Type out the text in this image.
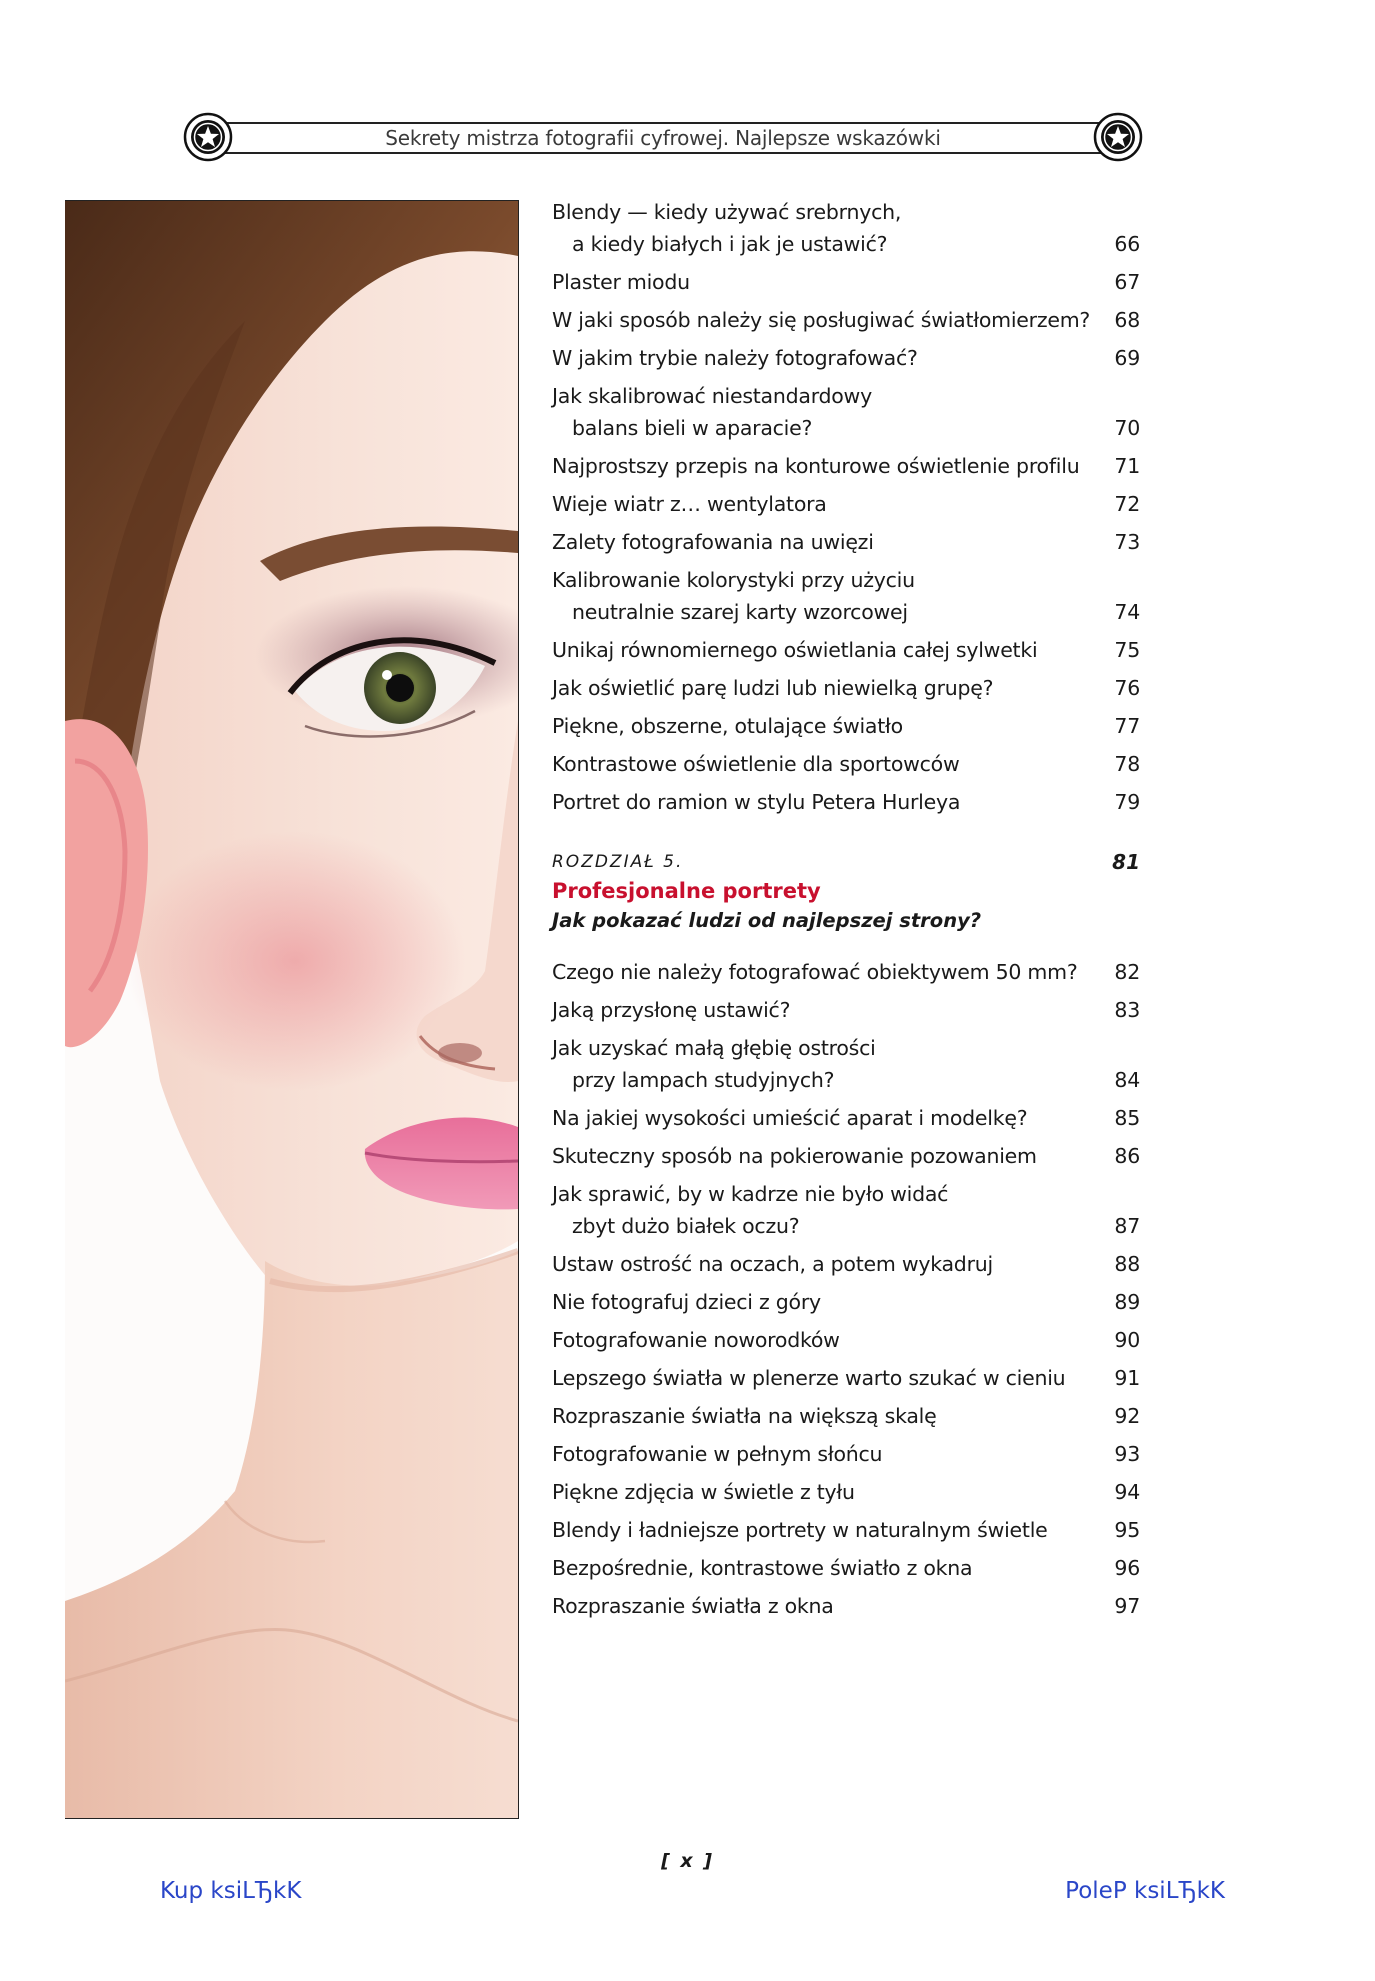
Sekrety mistrza fotografii cyfrowej. Najlepsze wskazówki
Blendy — kiedy używać srebrnych,
a kiedy białych i jak je ustawić?	66
Plaster miodu	67
W jaki sposób należy się posługiwać światłomierzem?	68
W jakim trybie należy fotografować?	69
Jak skalibrować niestandardowy
balans bieli w aparacie?	70
Najprostszy przepis na konturowe oświetlenie profilu	71
Wieje wiatr z… wentylatora	72
Zalety fotografowania na uwięzi	73
Kalibrowanie kolorystyki przy użyciu
neutralnie szarej karty wzorcowej	74
Unikaj równomiernego oświetlania całej sylwetki	75
Jak oświetlić parę ludzi lub niewielką grupę?	76
Piękne, obszerne, otulające światło	77
Kontrastowe oświetlenie dla sportowców	78
Portret do ramion w stylu Petera Hurleya	79
ROZDZIAŁ 5.	81
Profesjonalne portrety
Jak pokazać ludzi od najlepszej strony?
Czego nie należy fotografować obiektywem 50 mm?	82
Jaką przysłonę ustawić?	83
Jak uzyskać małą głębię ostrości
przy lampach studyjnych?	84
Na jakiej wysokości umieścić aparat i modelkę?	85
Skuteczny sposób na pokierowanie pozowaniem	86
Jak sprawić, by w kadrze nie było widać
zbyt dużo białek oczu?	87
Ustaw ostrość na oczach, a potem wykadruj	88
Nie fotografuj dzieci z góry	89
Fotografowanie noworodków	90
Lepszego światła w plenerze warto szukać w cieniu	91
Rozpraszanie światła na większą skalę	92
Fotografowanie w pełnym słońcu	93
Piękne zdjęcia w świetle z tyłu	94
Blendy i ładniejsze portrety w naturalnym świetle	95
Bezpośrednie, kontrastowe światło z okna	96
Rozpraszanie światła z okna	97
[ x ]
Kup ksiLЂkK	PoleP ksiLЂkK
